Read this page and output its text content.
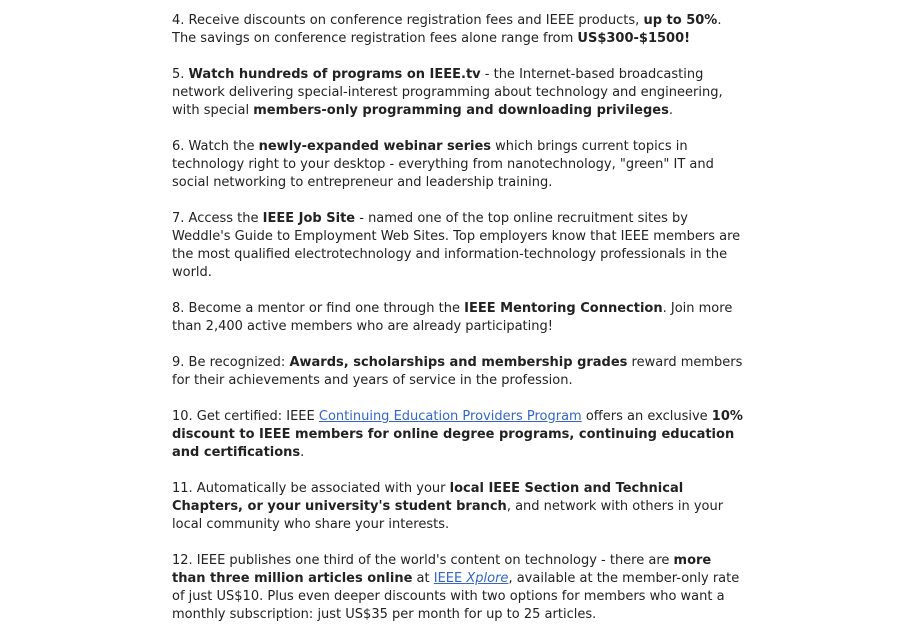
4. Receive discounts on conference registration fees and IEEE products, up to 50%. The savings on conference registration fees alone range from US$300-$1500!

5. Watch hundreds of programs on IEEE.tv - the Internet-based broadcasting network delivering special-interest programming about technology and engineering, with special members-only programming and downloading privileges.

6. Watch the newly-expanded webinar series which brings current topics in technology right to your desktop - everything from nanotechnology, "green" IT and social networking to entrepreneur and leadership training.

7. Access the IEEE Job Site - named one of the top online recruitment sites by Weddle's Guide to Employment Web Sites. Top employers know that IEEE members are the most qualified electrotechnology and information-technology professionals in the world.

8. Become a mentor or find one through the IEEE Mentoring Connection. Join more than 2,400 active members who are already participating!

9. Be recognized: Awards, scholarships and membership grades reward members for their achievements and years of service in the profession.

10. Get certified: IEEE Continuing Education Providers Program offers an exclusive 10% discount to IEEE members for online degree programs, continuing education and certifications.

11. Automatically be associated with your local IEEE Section and Technical Chapters, or your university's student branch, and network with others in your local community who share your interests.

12. IEEE publishes one third of the world's content on technology - there are more than three million articles online at IEEE Xplore, available at the member-only rate of just US$10. Plus even deeper discounts with two options for members who want a monthly subscription: just US$35 per month for up to 25 articles.
